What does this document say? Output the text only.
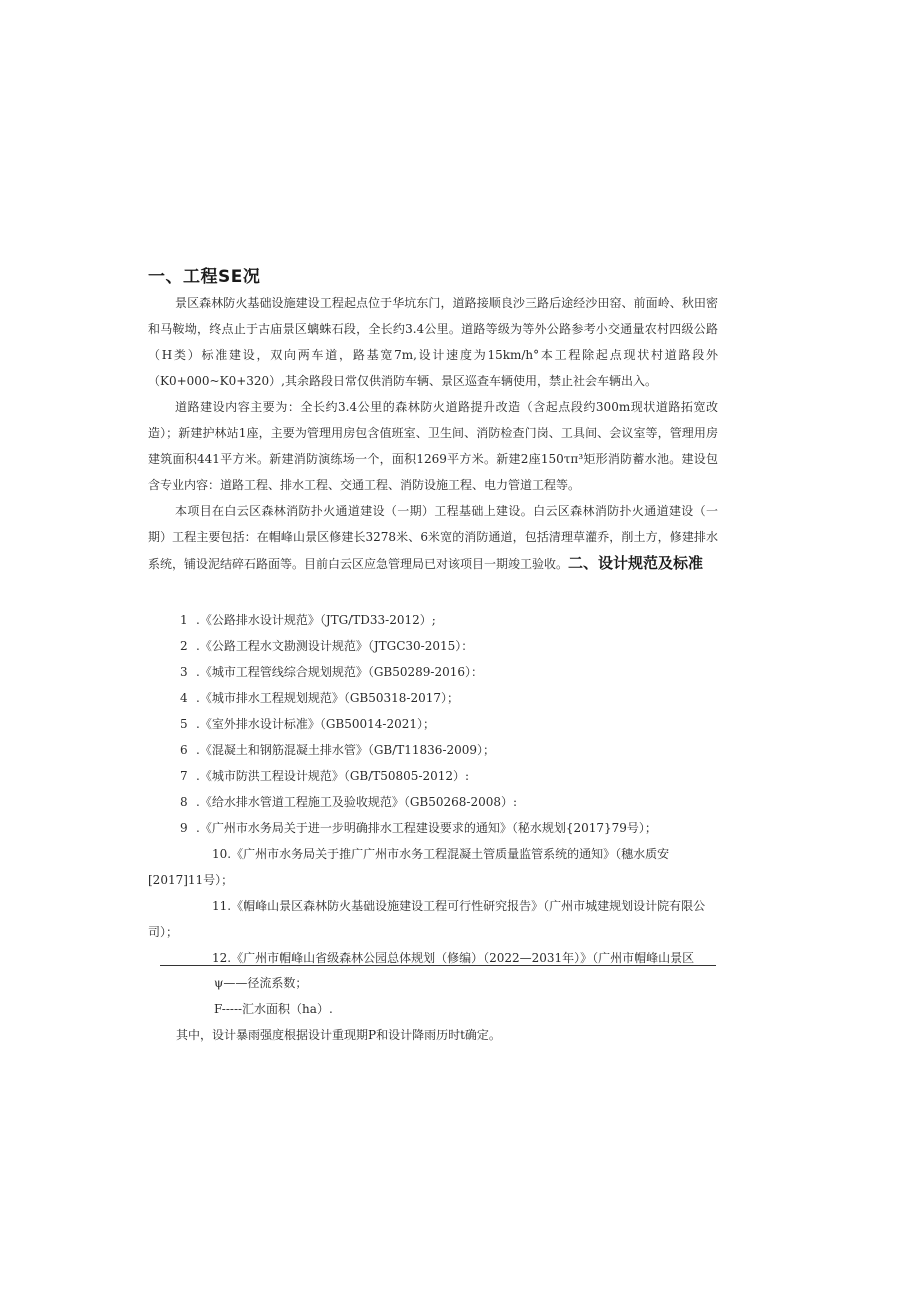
一、工程SE况

景区森林防火基础设施建设工程起点位于华坑东门，道路接顺良沙三路后途经沙田窑、前面岭、秋田密和马鞍坳，终点止于古庙景区螭蛛石段，全长约3.4公里。道路等级为等外公路参考小交通量农村四级公路（H类）标准建设，双向两车道，路基宽7m,设计速度为15km/h°本工程除起点现状村道路段外（K0+000~K0+320）,其余路段日常仅供消防车辆、景区巡查车辆使用，禁止社会车辆出入。

道路建设内容主要为：全长约3.4公里的森林防火道路提升改造（含起点段约300m现状道路拓宽改造）；新建护林站1座，主要为管理用房包含值班室、卫生间、消防检查门岗、工具间、会议室等，管理用房建筑面积441平方米。新建消防演练场一个，面积1269平方米。新建2座150τπ³矩形消防蓄水池。建设包含专业内容：道路工程、排水工程、交通工程、消防设施工程、电力管道工程等。

本项目在白云区森林消防扑火通道建设（一期）工程基础上建设。白云区森林消防扑火通道建设（一期）工程主要包括：在帽峰山景区修建长3278米、6米宽的消防通道，包括清理草灌乔，削土方，修建排水系统，铺设泥结碎石路面等。目前白云区应急管理局已对该项目一期竣工验收。二、设计规范及标准

1 .《公路排水设计规范》（JTG/TD33-2012）;
2 .《公路工程水文勘测设计规范》（JTGC30-2015）：
3 .《城市工程管线综合规划规范》（GB50289-2016）：
4 .《城市排水工程规划规范》（GB50318-2017）；
5 .《室外排水设计标准》（GB50014-2021）；
6 .《混凝土和钢筋混凝土排水管》（GB/T11836-2009）；
7 .《城市防洪工程设计规范》（GB/T50805-2012）:
8 .《给水排水管道工程施工及验收规范》（GB50268-2008）:
9 .《广州市水务局关于进一步明确排水工程建设要求的通知》（秘水规划{2017}79号）；
10.《广州市水务局关于推广广州市水务工程混凝土管质量监管系统的通知》（穗水质安[2017]11号）；
11.《帽峰山景区森林防火基础设施建设工程可行性研究报告》（广州市城建规划设计院有限公司）；
12.《广州市帽峰山省级森林公园总体规划（修编）（2022—2031年）》（广州市帽峰山景区
ψ——径流系数；
F-----汇水面积（ha）.
其中，设计暴雨强度根据设计重现期P和设计降雨历时t确定。
